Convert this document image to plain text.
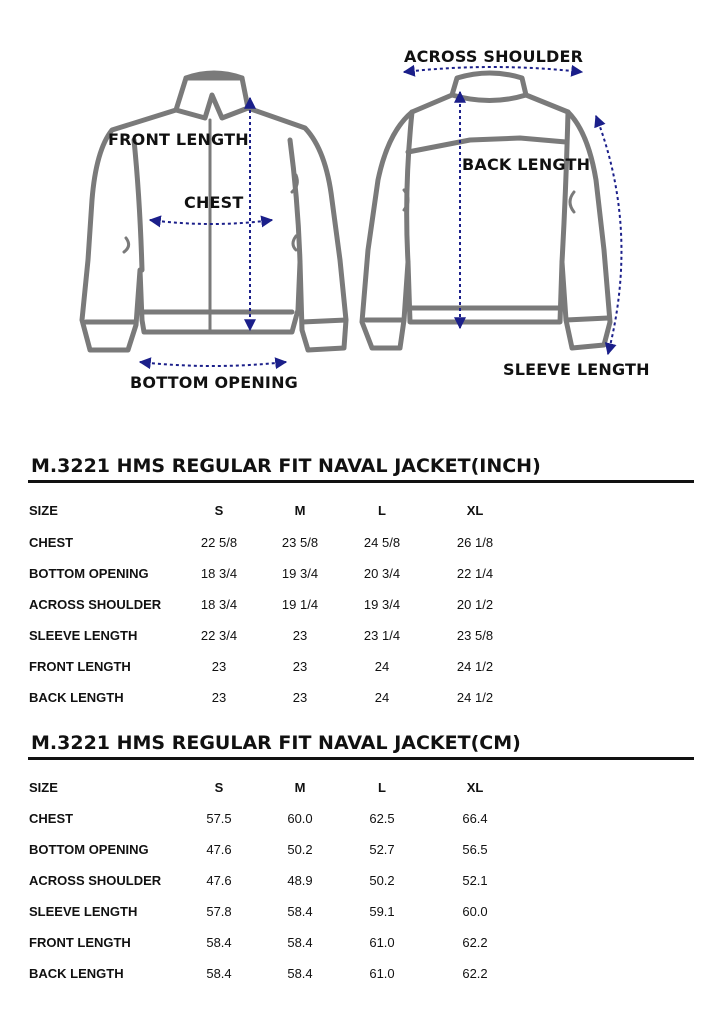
FRONT LENGTH
CHEST
BOTTOM OPENING
ACROSS SHOULDER
BACK LENGTH
SLEEVE LENGTH
M.3221 HMS REGULAR FIT NAVAL JACKET(INCH)
SIZE	S	M	L	XL
CHEST	22 5/8	23 5/8	24 5/8	26 1/8
BOTTOM OPENING	18 3/4	19 3/4	20 3/4	22 1/4
ACROSS SHOULDER	18 3/4	19 1/4	19 3/4	20 1/2
SLEEVE LENGTH	22 3/4	23	23 1/4	23 5/8
FRONT LENGTH	23	23	24	24 1/2
BACK LENGTH	23	23	24	24 1/2
M.3221 HMS REGULAR FIT NAVAL JACKET(CM)
SIZE	S	M	L	XL
CHEST	57.5	60.0	62.5	66.4
BOTTOM OPENING	47.6	50.2	52.7	56.5
ACROSS SHOULDER	47.6	48.9	50.2	52.1
SLEEVE LENGTH	57.8	58.4	59.1	60.0
FRONT LENGTH	58.4	58.4	61.0	62.2
BACK LENGTH	58.4	58.4	61.0	62.2
